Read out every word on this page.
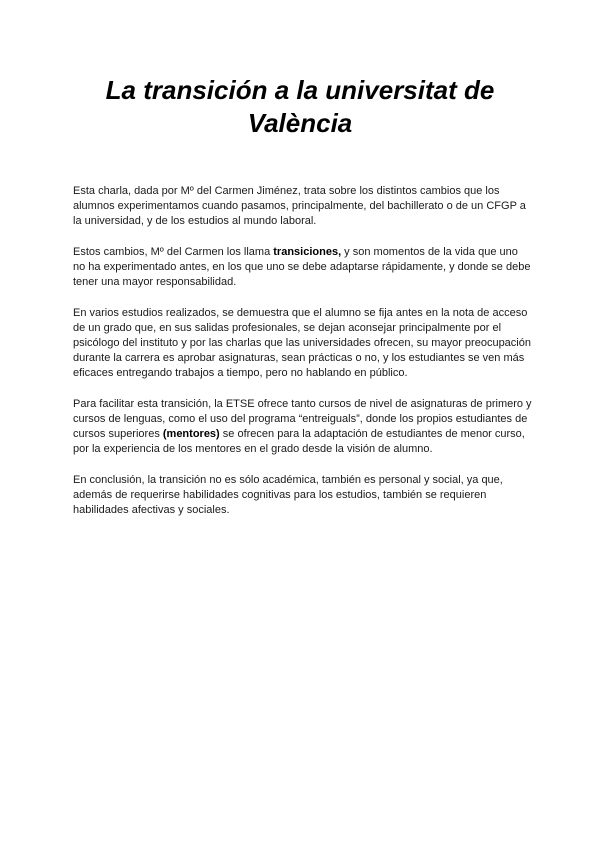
La transición a la universitat de València

Esta charla, dada por Mº del Carmen Jiménez, trata sobre los distintos cambios que los alumnos experimentamos cuando pasamos, principalmente, del bachillerato o de un CFGP a la universidad, y de los estudios al mundo laboral.

Estos cambios, Mº del Carmen los llama transiciones, y son momentos de la vida que uno no ha experimentado antes, en los que uno se debe adaptarse rápidamente, y donde se debe tener una mayor responsabilidad.

En varios estudios realizados, se demuestra que el alumno se fija antes en la nota de acceso de un grado que, en sus salidas profesionales, se dejan aconsejar principalmente por el psicólogo del instituto y por las charlas que las universidades ofrecen, su mayor preocupación durante la carrera es aprobar asignaturas, sean prácticas o no, y los estudiantes se ven más eficaces entregando trabajos a tiempo, pero no hablando en público.

Para facilitar esta transición, la ETSE ofrece tanto cursos de nivel de asignaturas de primero y cursos de lenguas, como el uso del programa “entreiguals”, donde los propios estudiantes de cursos superiores (mentores) se ofrecen para la adaptación de estudiantes de menor curso, por la experiencia de los mentores en el grado desde la visión de alumno.

En conclusión, la transición no es sólo académica, también es personal y social, ya que, además de requerirse habilidades cognitivas para los estudios, también se requieren habilidades afectivas y sociales.
